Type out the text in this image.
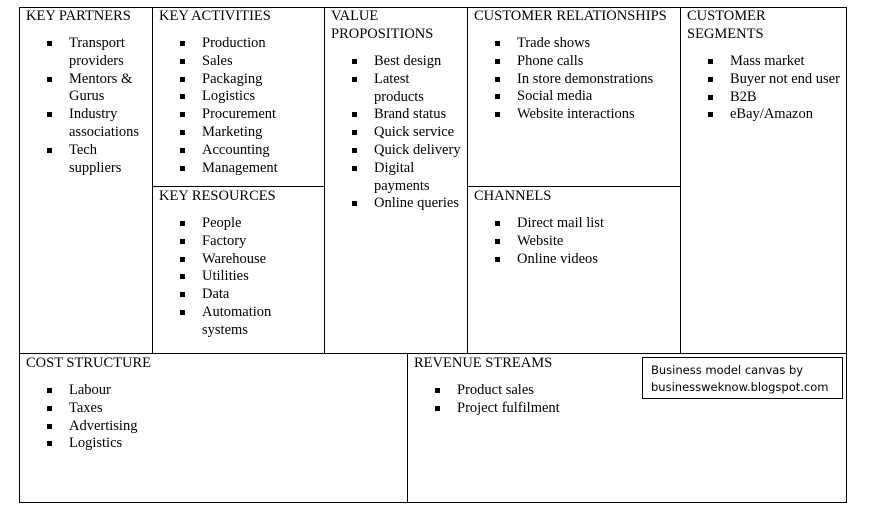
KEY PARTNERS
Transport providers
Mentors & Gurus
Industry associations
Tech suppliers
KEY ACTIVITIES
Production
Sales
Packaging
Logistics
Procurement
Marketing
Accounting
Management
KEY RESOURCES
People
Factory
Warehouse
Utilities
Data
Automation systems
VALUE PROPOSITIONS
Best design
Latest products
Brand status
Quick service
Quick delivery
Digital payments
Online queries
CUSTOMER RELATIONSHIPS
Trade shows
Phone calls
In store demonstrations
Social media
Website interactions
CHANNELS
Direct mail list
Website
Online videos
CUSTOMER SEGMENTS
Mass market
Buyer not end user
B2B
eBay/Amazon
COST STRUCTURE
Labour
Taxes
Advertising
Logistics
REVENUE STREAMS
Product sales
Project fulfilment
Business model canvas by
businessweknow.blogspot.com
